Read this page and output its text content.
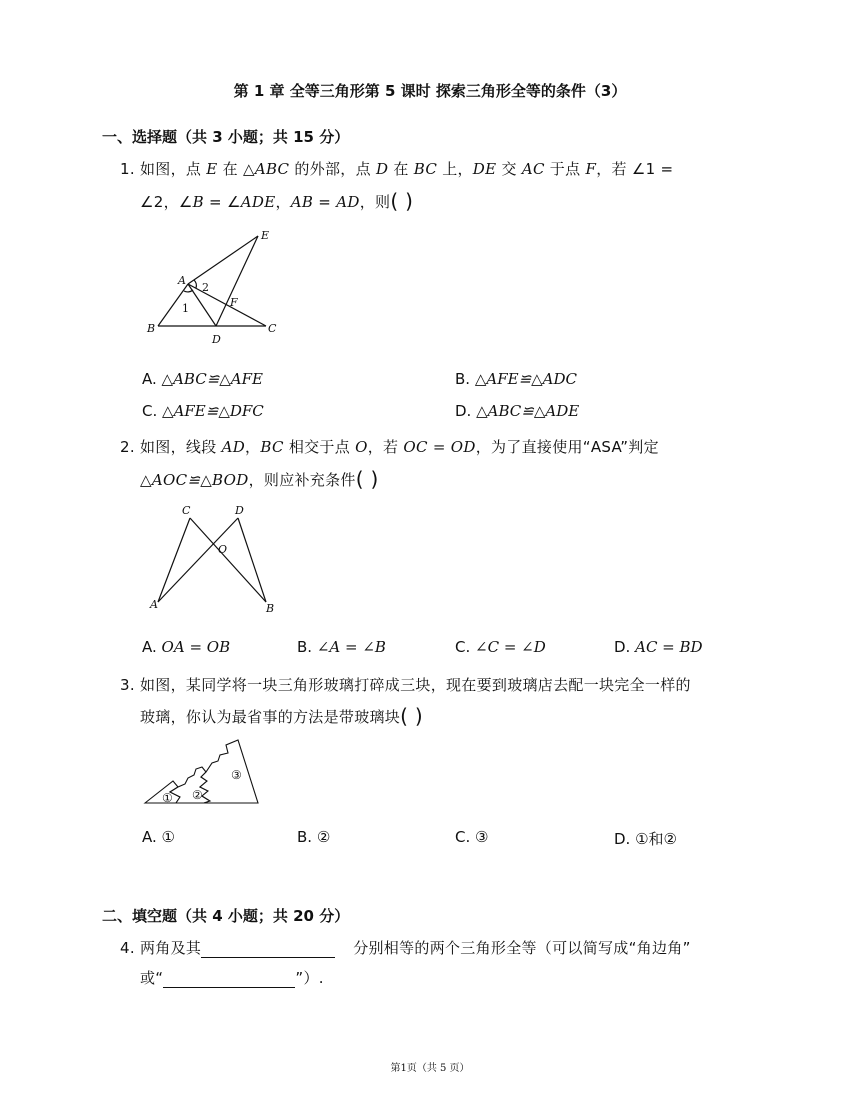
第 1 章 全等三角形第 5 课时 探索三角形全等的条件（3）
一、选择题（共 3 小题；共 15 分）
1. 如图，点 E 在 △ABC 的外部，点 D 在 BC 上，DE 交 AC 于点 F，若 ∠1 =
∠2，∠B = ∠ADE，AB = AD，则( )
A
B	C
D
E
F
1
2
A. △ABC≌△AFE	B. △AFE≌△ADC
C. △AFE≌△DFC	D. △ABC≌△ADE
2. 如图，线段 AD，BC 相交于点 O，若 OC = OD，为了直接使用“ASA”判定
△AOC≌△BOD，则应补充条件( )
A	B
C	D
O
A. OA = OB	B. ∠A = ∠B	C. ∠C = ∠D	D. AC = BD
3. 如图，某同学将一块三角形玻璃打碎成三块，现在要到玻璃店去配一块完全一样的
玻璃，你认为最省事的方法是带玻璃块( )
① ②
③
A. ①	B. ②	C. ③	D. ①和②
二、填空题（共 4 小题；共 20 分）
4. 两角及其	分别相等的两个三角形全等（可以简写成“角边角”
或“	”）.
第1页（共 5 页）
